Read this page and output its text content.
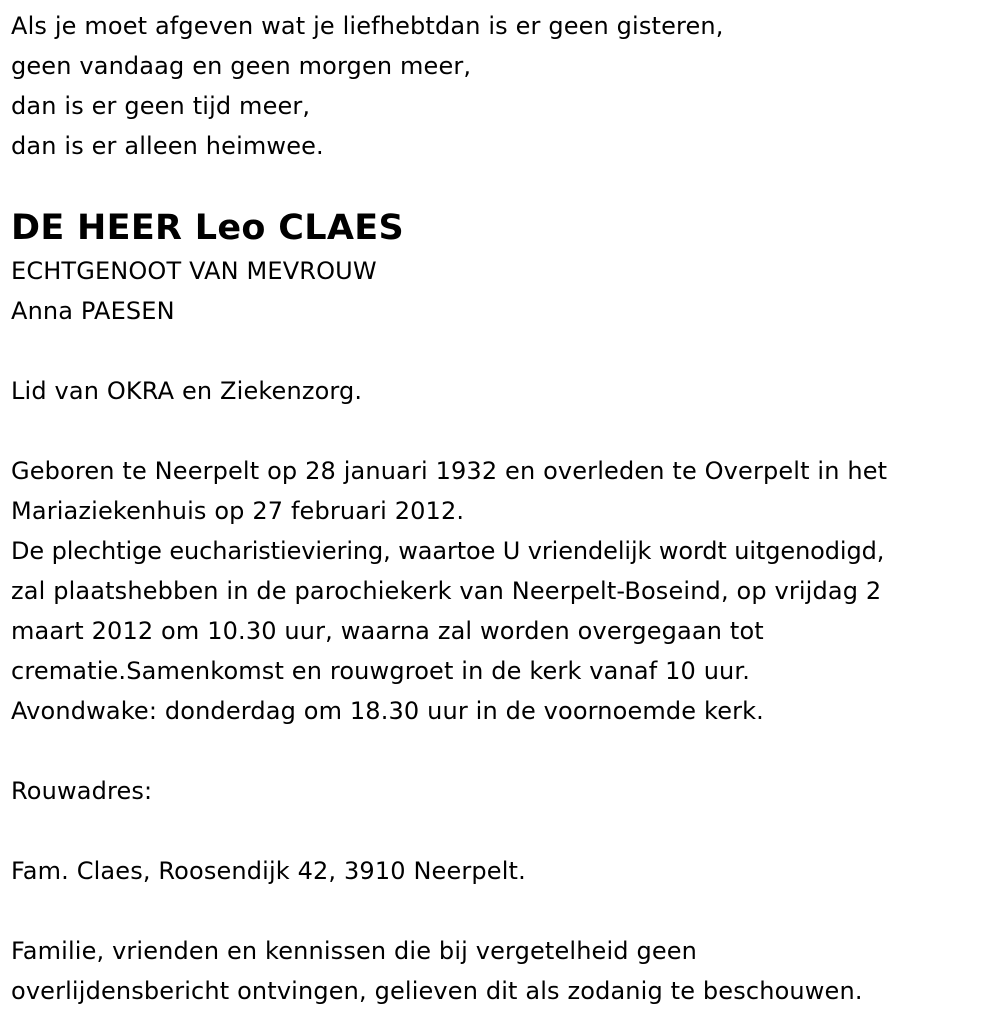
Als je moet afgeven wat je liefhebtdan is er geen gisteren,
geen vandaag en geen morgen meer,
dan is er geen tijd meer,
dan is er alleen heimwee.
DE HEER Leo CLAES
ECHTGENOOT VAN MEVROUW
Anna PAESEN
Lid van OKRA en Ziekenzorg.
Geboren te Neerpelt op 28 januari 1932 en overleden te Overpelt in het
Mariaziekenhuis op 27 februari 2012.
De plechtige eucharistieviering, waartoe U vriendelijk wordt uitgenodigd,
zal plaatshebben in de parochiekerk van Neerpelt-Boseind, op vrijdag 2
maart 2012 om 10.30 uur, waarna zal worden overgegaan tot
crematie.Samenkomst en rouwgroet in de kerk vanaf 10 uur.
Avondwake: donderdag om 18.30 uur in de voornoemde kerk.
Rouwadres:
Fam. Claes, Roosendijk 42, 3910 Neerpelt.
Familie, vrienden en kennissen die bij vergetelheid geen
overlijdensbericht ontvingen, gelieven dit als zodanig te beschouwen.
